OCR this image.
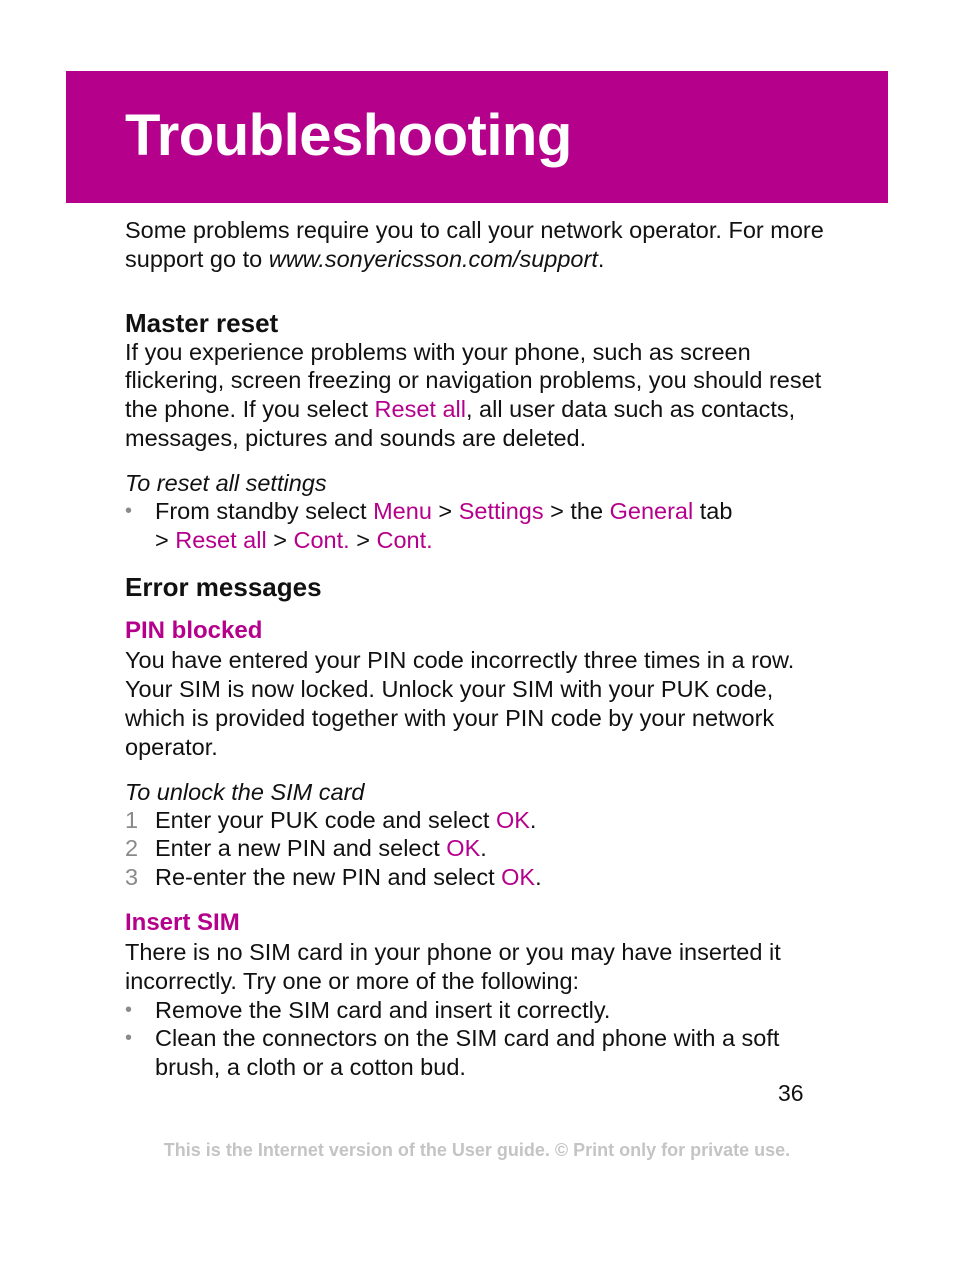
Troubleshooting

Some problems require you to call your network operator. For more support go to www.sonyericsson.com/support.

Master reset

If you experience problems with your phone, such as screen flickering, screen freezing or navigation problems, you should reset the phone. If you select Reset all, all user data such as contacts, messages, pictures and sounds are deleted.

To reset all settings

• From standby select Menu > Settings > the General tab
> Reset all > Cont. > Cont.
Error messages
PIN blocked

You have entered your PIN code incorrectly three times in a row. Your SIM is now locked. Unlock your SIM with your PUK code, which is provided together with your PIN code by your network operator.

To unlock the SIM card

1 Enter your PUK code and select OK.
2 Enter a new PIN and select OK.
3 Re-enter the new PIN and select OK.
Insert SIM

There is no SIM card in your phone or you may have inserted it incorrectly. Try one or more of the following:

• Remove the SIM card and insert it correctly.
• Clean the connectors on the SIM card and phone with a soft brush, a cloth or a cotton bud.
36
This is the Internet version of the User guide. © Print only for private use.
